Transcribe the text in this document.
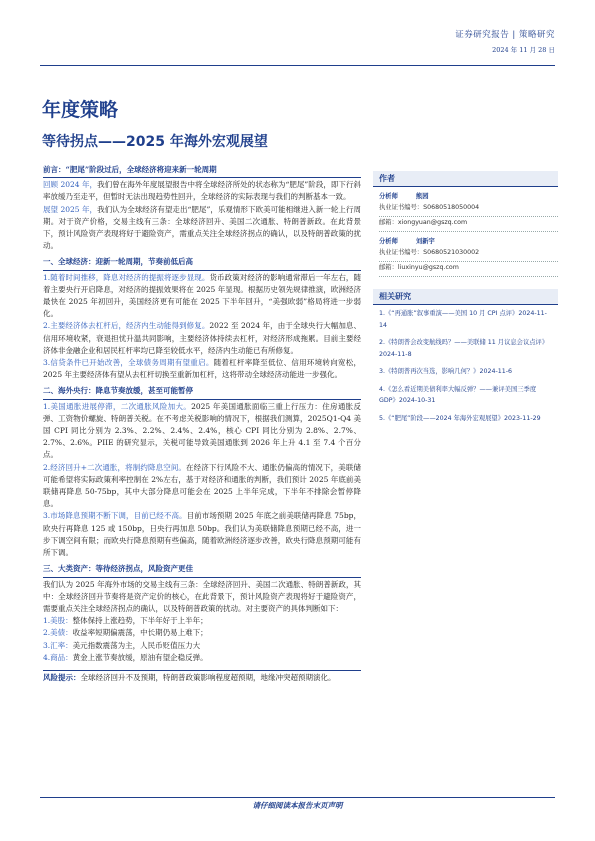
证券研究报告 | 策略研究
2024 年 11 月 28 日
年度策略
等待拐点——2025 年海外宏观展望

前言：“肥尾”阶段过后，全球经济将迎来新一轮周期

回顾 2024 年，我们曾在海外年度展望报告中将全球经济所处的状态称为“肥尾”阶段，即下行斜率放缓乃至走平，但暂时无法出现趋势性回升，全球经济的实际表现与我们的判断基本一致。

展望 2025 年，我们认为全球经济有望走出“肥尾”，乐观情形下欧美可能相继进入新一轮上行周期。对于资产价格，交易主线有三条：全球经济回升、美国二次通胀、特朗普新政。在此背景下，预计风险资产表现将好于避险资产，需重点关注全球经济拐点的确认，以及特朗普政策的扰动。

一、全球经济：迎新一轮周期，节奏前低后高

1.随着时间推移，降息对经济的提振将逐步显现。货币政策对经济的影响通常滞后一年左右，随着主要央行开启降息，对经济的提振效果将在 2025 年显现。根据历史领先规律推演，欧洲经济最快在 2025 年初回升，美国经济更有可能在 2025 下半年回升，“美强欧弱”格局将进一步弱化。

2.主要经济体去杠杆后，经济内生动能得到修复。2022 至 2024 年，由于全球央行大幅加息、信用环境收紧，衰退担忧升温共同影响，主要经济体持续去杠杆，对经济形成拖累。目前主要经济体非金融企业和居民杠杆率均已降至较低水平，经济内生动能已有所修复。

3.信贷条件已开始改善，全球债务周期有望重启。随着杠杆率降至低位、信用环境转向宽松，2025 年主要经济体有望从去杠杆切换至重新加杠杆，这将带动全球经济动能进一步强化。

二、海外央行：降息节奏放缓，甚至可能暂停

1.美国通胀进展停滞，二次通胀风险加大。2025 年美国通胀面临三重上行压力：住房通胀反弹、工资物价螺旋、特朗普关税。在不考虑关税影响的情况下，根据我们测算，2025Q1-Q4 美国 CPI 同比分别为 2.3%、2.2%、2.4%、2.4%，核心 CPI 同比分别为 2.8%、2.7%、2.7%、2.6%。PIIE 的研究显示，关税可能导致美国通胀到 2026 年上升 4.1 至 7.4 个百分点。

2.经济回升+二次通胀，将制约降息空间。在经济下行风险不大、通胀仍偏高的情况下，美联储可能希望将实际政策利率控制在 2%左右，基于对经济和通胀的判断，我们预计 2025 年底前美联储再降息 50-75bp，其中大部分降息可能会在 2025 上半年完成，下半年不排除会暂停降息。

3.市场降息预期不断下调，目前已经不高。目前市场预期 2025 年底之前美联储再降息 75bp，欧央行再降息 125 或 150bp，日央行再加息 50bp。我们认为美联储降息预期已经不高，进一步下调空间有限；而欧央行降息预期有些偏高，随着欧洲经济逐步改善，欧央行降息预期可能有所下调。

三、大类资产：等待经济拐点，风险资产更佳

我们认为 2025 年海外市场的交易主线有三条：全球经济回升、美国二次通胀、特朗普新政，其中：全球经济回升节奏将是资产定价的核心，在此背景下，预计风险资产表现将好于避险资产，需要重点关注全球经济拐点的确认，以及特朗普政策的扰动。对主要资产的具体判断如下：

1.美股：整体保持上涨趋势，下半年好于上半年；

2.美债：收益率短期偏震荡，中长期仍易上难下；

3.汇率：美元指数震荡为主，人民币贬值压力大

4.商品：黄金上涨节奏放缓，原油有望企稳反弹。

风险提示：全球经济回升不及预期，特朗普政策影响程度超预期，地缘冲突超预期演化。

作者
分析师	熊园
执业证书编号：S0680518050004
邮箱：xiongyuan@gszq.com
分析师	刘新宇
执业证书编号：S0680521030002
邮箱：liuxinyu@gszq.com
相关研究
1.《“再通胀”叙事重演——美国 10 月 CPI 点评》2024-11-14
2.《特朗普会改变航线吗？——美联储 11 月议息会议点评》2024-11-8
3.《特朗普再次当选，影响几何？》2024-11-6
4.《怎么看近期美债利率大幅反弹？——兼评美国三季度 GDP》2024-10-31
5.《“肥尾”阶段——2024 年海外宏观展望》2023-11-29
请仔细阅读本报告末页声明
